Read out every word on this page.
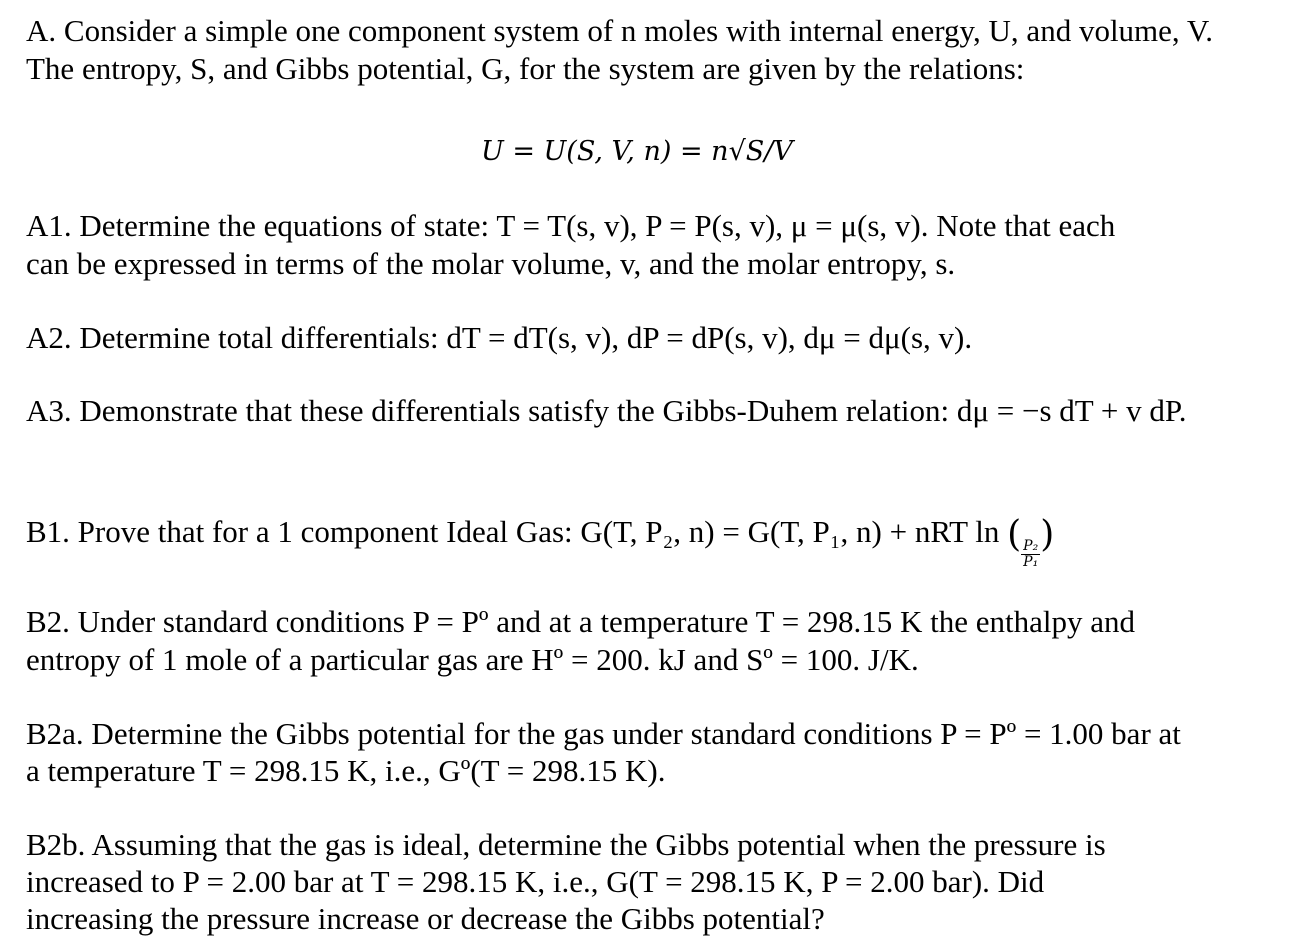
A. Consider a simple one component system of n moles with internal energy, U, and volume, V.
The entropy, S, and Gibbs potential, G, for the system are given by the relations:
U = U(S, V, n) = n√S/V
A1. Determine the equations of state: T = T(s, v), P = P(s, v), μ = μ(s, v). Note that each
can be expressed in terms of the molar volume, v, and the molar entropy, s.
A2. Determine total differentials: dT = dT(s, v), dP = dP(s, v), dμ = dμ(s, v).
A3. Demonstrate that these differentials satisfy the Gibbs-Duhem relation: dμ = −s dT + v dP.
B1. Prove that for a 1 component Ideal Gas: G(T, P₂, n) = G(T, P₁, n) + nRT ln ( $\frac{\text{P₂}}{\text{P₁}}$ )
B2. Under standard conditions P = Pº and at a temperature T = 298.15 K the enthalpy and
entropy of 1 mole of a particular gas are Hº = 200. kJ and Sº = 100. J/K.
B2a. Determine the Gibbs potential for the gas under standard conditions P = Pº = 1.00 bar at
a temperature T = 298.15 K, i.e., Gº(T = 298.15 K).
B2b. Assuming that the gas is ideal, determine the Gibbs potential when the pressure is
increased to P = 2.00 bar at T = 298.15 K, i.e., G(T = 298.15 K, P = 2.00 bar). Did
increasing the pressure increase or decrease the Gibbs potential?
